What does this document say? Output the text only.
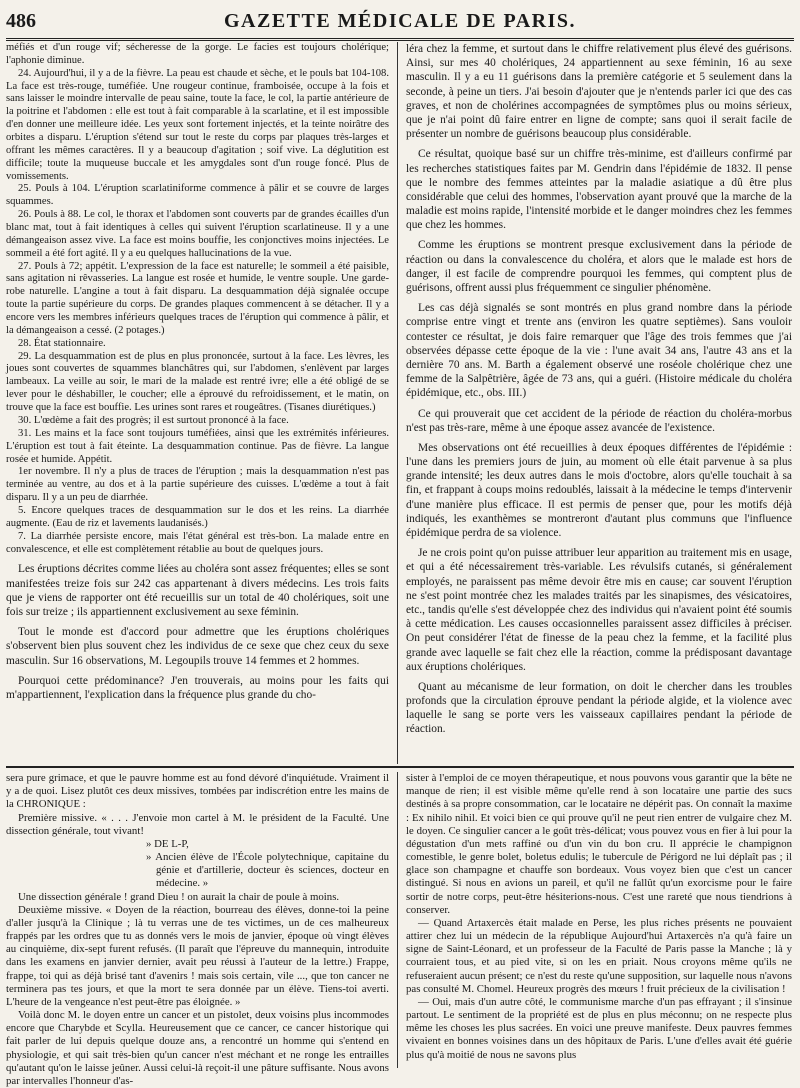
486	GAZETTE MÉDICALE DE PARIS.

méfiés et d'un rouge vif; sécheresse de la gorge. Le facies est toujours cholérique; l'aphonie diminue.

24. Aujourd'hui, il y a de la fièvre. La peau est chaude et sèche, et le pouls bat 104-108. La face est très-rouge, tuméfiée. Une rougeur continue, framboisée, occupe à la fois et sans laisser le moindre intervalle de peau saine, toute la face, le col, la partie antérieure de la poitrine et l'abdomen : elle est tout à fait comparable à la scarlatine, et il est impossible d'en donner une meilleure idée. Les yeux sont fortement injectés, et la teinte noirâtre des orbites a disparu. L'éruption s'étend sur tout le reste du corps par plaques très-larges et offrant les mêmes caractères. Il y a beaucoup d'agitation ; soif vive. La déglutition est difficile; toute la muqueuse buccale et les amygdales sont d'un rouge foncé. Plus de vomissements.

25. Pouls à 104. L'éruption scarlatiniforme commence à pâlir et se couvre de larges squammes.

26. Pouls à 88. Le col, le thorax et l'abdomen sont couverts par de grandes écailles d'un blanc mat, tout à fait identiques à celles qui suivent l'éruption scarlatineuse. Il y a une démangeaison assez vive. La face est moins bouffie, les conjonctives moins injectées. Le sommeil a été fort agité. Il y a eu quelques hallucinations de la vue.

27. Pouls à 72; appétit. L'expression de la face est naturelle; le sommeil a été paisible, sans agitation ni rêvasseries. La langue est rosée et humide, le ventre souple. Une garde-robe naturelle. L'angine a tout à fait disparu. La desquammation déjà signalée occupe toute la partie supérieure du corps. De grandes plaques commencent à se détacher. Il y a encore vers les membres inférieurs quelques traces de l'éruption qui commence à pâlir, et la démangeaison a cessé. (2 potages.)

28. État stationnaire.

29. La desquammation est de plus en plus prononcée, surtout à la face. Les lèvres, les joues sont couvertes de squammes blanchâtres qui, sur l'abdomen, s'enlèvent par larges lambeaux. La veille au soir, le mari de la malade est rentré ivre; elle a été obligé de se lever pour le déshabiller, le coucher; elle a éprouvé du refroidissement, et le matin, on trouve que la face est bouffie. Les urines sont rares et rougeâtres. (Tisanes diurétiques.)

30. L'œdème a fait des progrès; il est surtout prononcé à la face.

31. Les mains et la face sont toujours tuméfiées, ainsi que les extrémités inférieures. L'éruption est tout à fait éteinte. La desquammation continue. Pas de fièvre. La langue rosée et humide. Appétit.

1er novembre. Il n'y a plus de traces de l'éruption ; mais la desquammation n'est pas terminée au ventre, au dos et à la partie supérieure des cuisses. L'œdème a tout à fait disparu. Il y a un peu de diarrhée.

5. Encore quelques traces de desquammation sur le dos et les reins. La diarrhée augmente. (Eau de riz et lavements laudanisés.)

7. La diarrhée persiste encore, mais l'état général est très-bon. La malade entre en convalescence, et elle est complètement rétablie au bout de quelques jours.

Les éruptions décrites comme liées au choléra sont assez fréquentes; elles se sont manifestées treize fois sur 242 cas appartenant à divers médecins. Les trois faits que je viens de rapporter ont été recueillis sur un total de 40 cholériques, soit une fois sur treize ; ils appartiennent exclusivement au sexe féminin.

Tout le monde est d'accord pour admettre que les éruptions cholériques s'observent bien plus souvent chez les individus de ce sexe que chez ceux du sexe masculin. Sur 16 observations, M. Legoupils trouve 14 femmes et 2 hommes.

Pourquoi cette prédominance? J'en trouverais, au moins pour les faits qui m'appartiennent, l'explication dans la fréquence plus grande du cho-

léra chez la femme, et surtout dans le chiffre relativement plus élevé des guérisons. Ainsi, sur mes 40 cholériques, 24 appartiennent au sexe féminin, 16 au sexe masculin. Il y a eu 11 guérisons dans la première catégorie et 5 seulement dans la seconde, à peine un tiers. J'ai besoin d'ajouter que je n'entends parler ici que des cas graves, et non de cholérines accompagnées de symptômes plus ou moins sérieux, que je n'ai point dû faire entrer en ligne de compte; sans quoi il serait facile de présenter un nombre de guérisons beaucoup plus considérable.

Ce résultat, quoique basé sur un chiffre très-minime, est d'ailleurs confirmé par les recherches statistiques faites par M. Gendrin dans l'épidémie de 1832. Il pense que le nombre des femmes atteintes par la maladie asiatique a dû être plus considérable que celui des hommes, l'observation ayant prouvé que la marche de la maladie est moins rapide, l'intensité morbide et le danger moindres chez les femmes que chez les hommes.

Comme les éruptions se montrent presque exclusivement dans la période de réaction ou dans la convalescence du choléra, et alors que le malade est hors de danger, il est facile de comprendre pourquoi les femmes, qui comptent plus de guérisons, offrent aussi plus fréquemment ce singulier phénomène.

Les cas déjà signalés se sont montrés en plus grand nombre dans la période comprise entre vingt et trente ans (environ les quatre septièmes). Sans vouloir contester ce résultat, je dois faire remarquer que l'âge des trois femmes que j'ai observées dépasse cette époque de la vie : l'une avait 34 ans, l'autre 43 ans et la dernière 70 ans. M. Barth a également observé une roséole cholérique chez une femme de la Salpêtrière, âgée de 73 ans, qui a guéri. (Histoire médicale du choléra épidémique, etc., obs. III.)

Ce qui prouverait que cet accident de la période de réaction du choléra-morbus n'est pas très-rare, même à une époque assez avancée de l'existence.

Mes observations ont été recueillies à deux époques différentes de l'épidémie : l'une dans les premiers jours de juin, au moment où elle était parvenue à sa plus grande intensité; les deux autres dans le mois d'octobre, alors qu'elle touchait à sa fin, et frappant à coups moins redoublés, laissait à la médecine le temps d'intervenir d'une manière plus efficace. Il est permis de penser que, pour les motifs déjà indiqués, les exanthèmes se montreront d'autant plus communs que l'influence épidémique perdra de sa violence.

Je ne crois point qu'on puisse attribuer leur apparition au traitement mis en usage, et qui a été nécessairement très-variable. Les révulsifs cutanés, si généralement employés, ne paraissent pas même devoir être mis en cause; car souvent l'éruption ne s'est point montrée chez les malades traités par les sinapismes, des vésicatoires, etc., tandis qu'elle s'est développée chez des individus qui n'avaient point été soumis à cette médication. Les causes occasionnelles paraissent assez difficiles à préciser. On peut considérer l'état de finesse de la peau chez la femme, et la facilité plus grande avec laquelle se fait chez elle la réaction, comme la prédisposant davantage aux éruptions cholériques.

Quant au mécanisme de leur formation, on doit le chercher dans les troubles profonds que la circulation éprouve pendant la période algide, et la violence avec laquelle le sang se porte vers les vaisseaux capillaires pendant la période de réaction.

sera pure grimace, et que le pauvre homme est au fond dévoré d'inquiétude. Vraiment il y a de quoi. Lisez plutôt ces deux missives, tombées par indiscrétion entre les mains de la CHRONIQUE :

Première missive. « . . . J'envoie mon cartel à M. le président de la Faculté. Une dissection générale, tout vivant!

» DE L-P,

» Ancien élève de l'École polytechnique, capitaine du génie et d'artillerie, docteur ès sciences, docteur en médecine. »

Une dissection générale ! grand Dieu ! on aurait la chair de poule à moins.

Deuxième missive. « Doyen de la réaction, bourreau des élèves, donne-toi la peine d'aller jusqu'à la Clinique ; là tu verras une de tes victimes, un de ces malheureux frappés par les ordres que tu as donnés vers le mois de janvier, époque où vingt élèves au cinquième, dix-sept furent refusés. (Il paraît que l'épreuve du mannequin, introduite dans les examens en janvier dernier, avait peu réussi à l'auteur de la lettre.) Frappe, frappe, toi qui as déjà brisé tant d'avenirs ! mais sois certain, vile ..., que ton cancer ne terminera pas tes jours, et que la mort te sera donnée par un élève. Tiens-toi averti. L'heure de la vengeance n'est peut-être pas éloignée. »

Voilà donc M. le doyen entre un cancer et un pistolet, deux voisins plus incommodes encore que Charybde et Scylla. Heureusement que ce cancer, ce cancer historique qui fait parler de lui depuis quelque douze ans, a rencontré un homme qui s'entend en physiologie, et qui sait très-bien qu'un cancer n'est méchant et ne ronge les entrailles qu'autant qu'on le laisse jeûner. Aussi celui-là reçoit-il une pâture suffisante. Nous avons par intervalles l'honneur d'as-

sister à l'emploi de ce moyen thérapeutique, et nous pouvons vous garantir que la bête ne manque de rien; il est visible même qu'elle rend à son locataire une partie des sucs destinés à sa propre consommation, car le locataire ne dépérit pas. On connaît la maxime : Ex nihilo nihil. Et voici bien ce qui prouve qu'il ne peut rien entrer de vulgaire chez M. le doyen. Ce singulier cancer a le goût très-délicat; vous pouvez vous en fier à lui pour la dégustation d'un mets raffiné ou d'un vin du bon cru. Il apprécie le champignon comestible, le genre bolet, boletus edulis; le tubercule de Périgord ne lui déplaît pas ; il glace son champagne et chauffe son bordeaux. Vous voyez bien que c'est un cancer distingué. Si nous en avions un pareil, et qu'il ne fallût qu'un exorcisme pour le faire sortir de notre corps, peut-être hésiterions-nous. C'est une rareté que nous tiendrions à conserver.

— Quand Artaxercès était malade en Perse, les plus riches présents ne pouvaient attirer chez lui un médecin de la république Aujourd'hui Artaxercès n'a qu'à faire un signe de Saint-Léonard, et un professeur de la Faculté de Paris passe la Manche ; là y courraient tous, et au pied vite, si on les en priait. Nous croyons même qu'ils ne refuseraient aucun présent; ce n'est du reste qu'une supposition, sur laquelle nous n'avons pas consulté M. Chomel. Heureux progrès des mœurs ! fruit précieux de la civilisation !

— Oui, mais d'un autre côté, le communisme marche d'un pas effrayant ; il s'insinue partout. Le sentiment de la propriété est de plus en plus méconnu; on ne respecte plus même les choses les plus sacrées. En voici une preuve manifeste. Deux pauvres femmes vivaient en bonnes voisines dans un des hôpitaux de Paris. L'une d'elles avait été guérie plus qu'à moitié de nous ne savons plus
